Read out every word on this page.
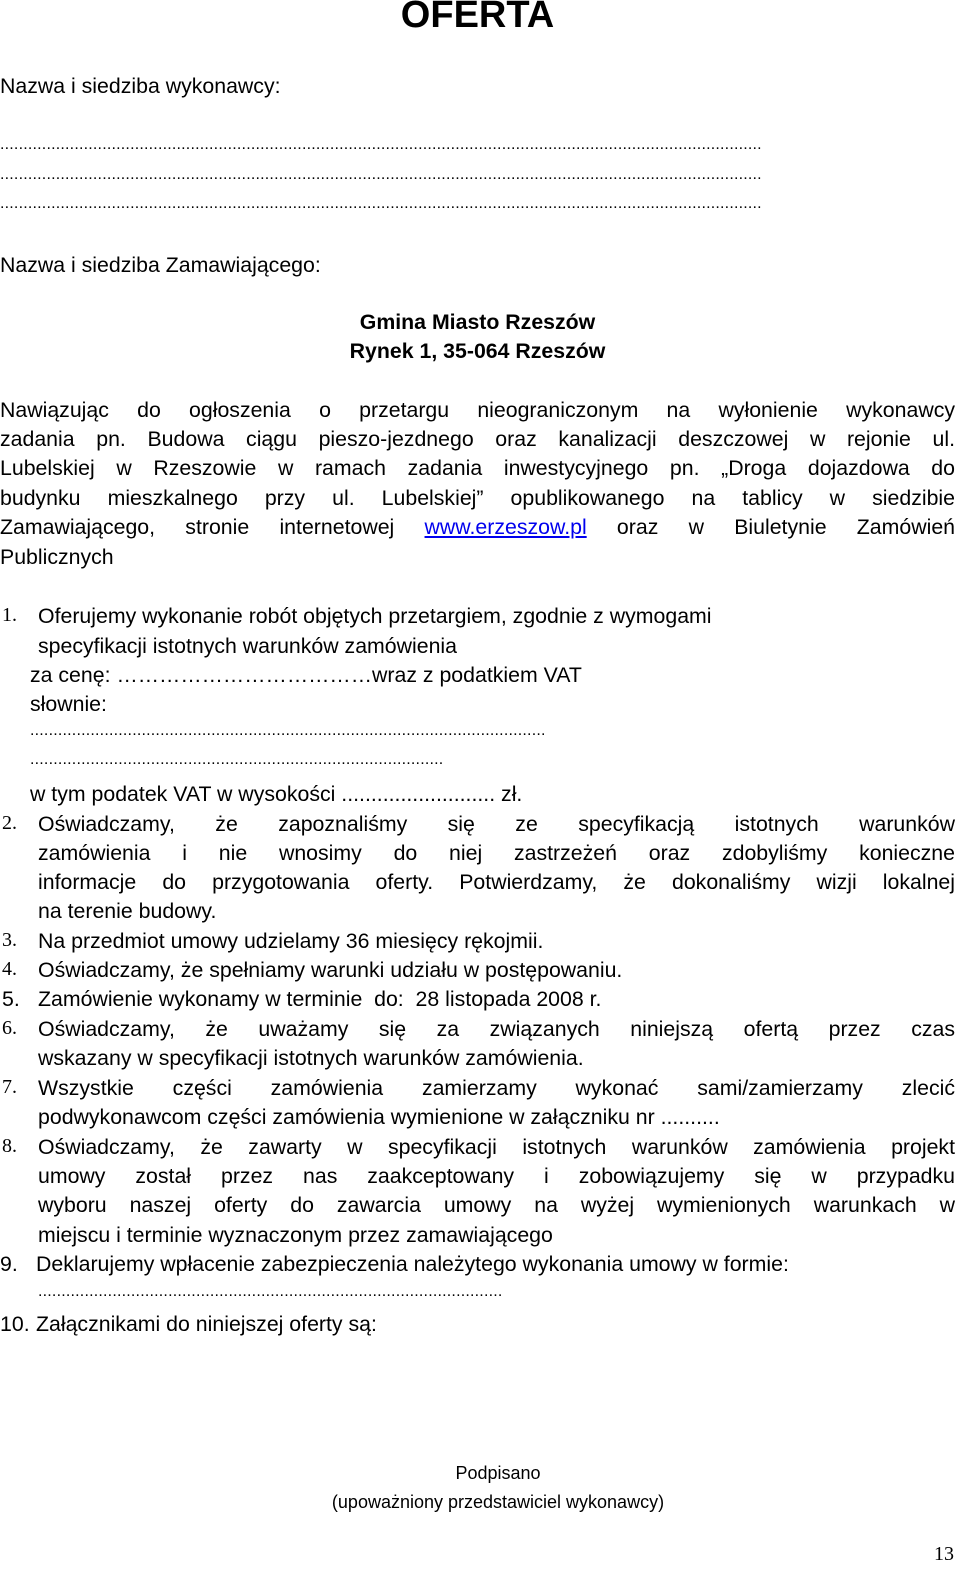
OFERTA

Nazwa i siedziba wykonawcy:

....................................................................................................................................................................

....................................................................................................................................................................

....................................................................................................................................................................

Nazwa i siedziba Zamawiającego:

Gmina Miasto Rzeszów

Rynek 1, 35-064 Rzeszów

Nawiązując do ogłoszenia o przetargu nieograniczonym na wyłonienie wykonawcy

zadania pn. Budowa ciągu pieszo-jezdnego oraz kanalizacji deszczowej w rejonie ul.

Lubelskiej w Rzeszowie w ramach zadania inwestycyjnego pn. „Droga dojazdowa do

budynku mieszkalnego przy ul. Lubelskiej” opublikowanego na tablicy w siedzibie

Zamawiającego, stronie internetowej www.erzeszow.pl oraz w Biuletynie Zamówień

Publicznych

1. Oferujemy wykonanie robót objętych przetargiem, zgodnie z wymogami

specyfikacji istotnych warunków zamówienia

za cenę: ………………………………wraz z podatkiem VAT

słownie:

...............................................................................................................

.........................................................................................

w tym podatek VAT w wysokości .......................... zł.

2. Oświadczamy, że zapoznaliśmy się ze specyfikacją istotnych warunków

zamówienia i nie wnosimy do niej zastrzeżeń oraz zdobyliśmy konieczne

informacje do przygotowania oferty. Potwierdzamy, że dokonaliśmy wizji lokalnej

na terenie budowy.

3. Na przedmiot umowy udzielamy 36 miesięcy rękojmii.

4. Oświadczamy, że spełniamy warunki udziału w postępowaniu.

5. Zamówienie wykonamy w terminie  do:  28 listopada 2008 r.

6. Oświadczamy, że uważamy się za związanych niniejszą ofertą przez czas

wskazany w specyfikacji istotnych warunków zamówienia.

7. Wszystkie części zamówienia zamierzamy wykonać sami/zamierzamy zlecić

podwykonawcom części zamówienia wymienione w załączniku nr ..........

8. Oświadczamy, że zawarty w specyfikacji istotnych warunków zamówienia projekt

umowy został przez nas zaakceptowany i zobowiązujemy się w przypadku

wyboru naszej oferty do zawarcia umowy na wyżej wymienionych warunkach w

miejscu i terminie wyznaczonym przez zamawiającego

9. Deklarujemy wpłacenie zabezpieczenia należytego wykonania umowy w formie:

....................................................................................................

10. Załącznikami do niniejszej oferty są:

Podpisano

(upoważniony przedstawiciel wykonawcy)

13
